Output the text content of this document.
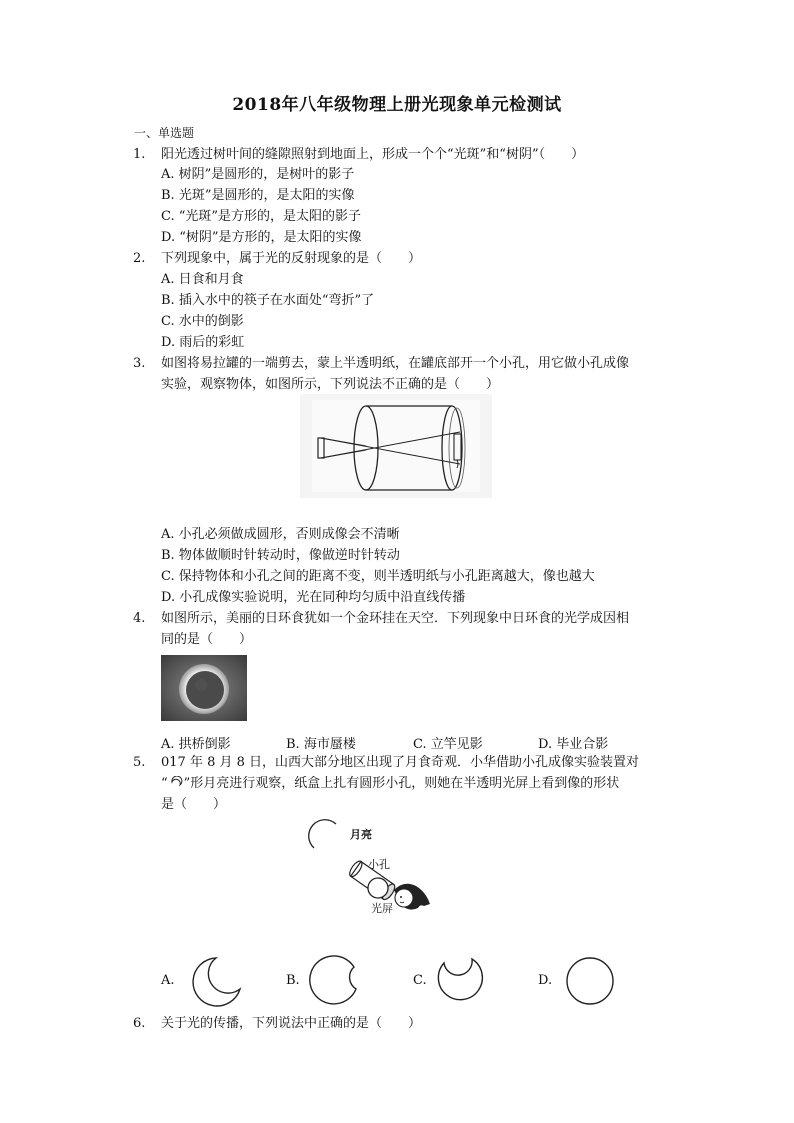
2018年八年级物理上册光现象单元检测试
一、单选题
1. 阳光透过树叶间的缝隙照射到地面上，形成一个个“光斑”和“树阴”（　　）
A. 树阴”是圆形的，是树叶的影子
B. 光斑”是圆形的，是太阳的实像
C. “光斑”是方形的，是太阳的影子
D. “树阴”是方形的，是太阳的实像
2. 下列现象中，属于光的反射现象的是（　　）
A. 日食和月食
B. 插入水中的筷子在水面处“弯折”了
C. 水中的倒影
D. 雨后的彩虹
3. 如图将易拉罐的一端剪去，蒙上半透明纸，在罐底部开一个小孔，用它做小孔成像
实验，观察物体，如图所示，下列说法不正确的是（　　）
A. 小孔必须做成圆形，否则成像会不清晰
B. 物体做顺时针转动时，像做逆时针转动
C. 保持物体和小孔之间的距离不变，则半透明纸与小孔距离越大，像也越大
D. 小孔成像实验说明，光在同种均匀质中沿直线传播
4. 如图所示，美丽的日环食犹如一个金环挂在天空．下列现象中日环食的光学成因相
同的是（　　）
A. 拱桥倒影	B. 海市蜃楼	C. 立竿见影	D. 毕业合影
5. 017 年 8 月 8 日，山西大部分地区出现了月食奇观．小华借助小孔成像实验装置对
“ ”形月亮进行观察，纸盒上扎有圆形小孔，则她在半透明光屏上看到像的形状
是（　　）
月亮
小孔
光屏
A.	B.	C.	D.
6. 关于光的传播，下列说法中正确的是（　　）
